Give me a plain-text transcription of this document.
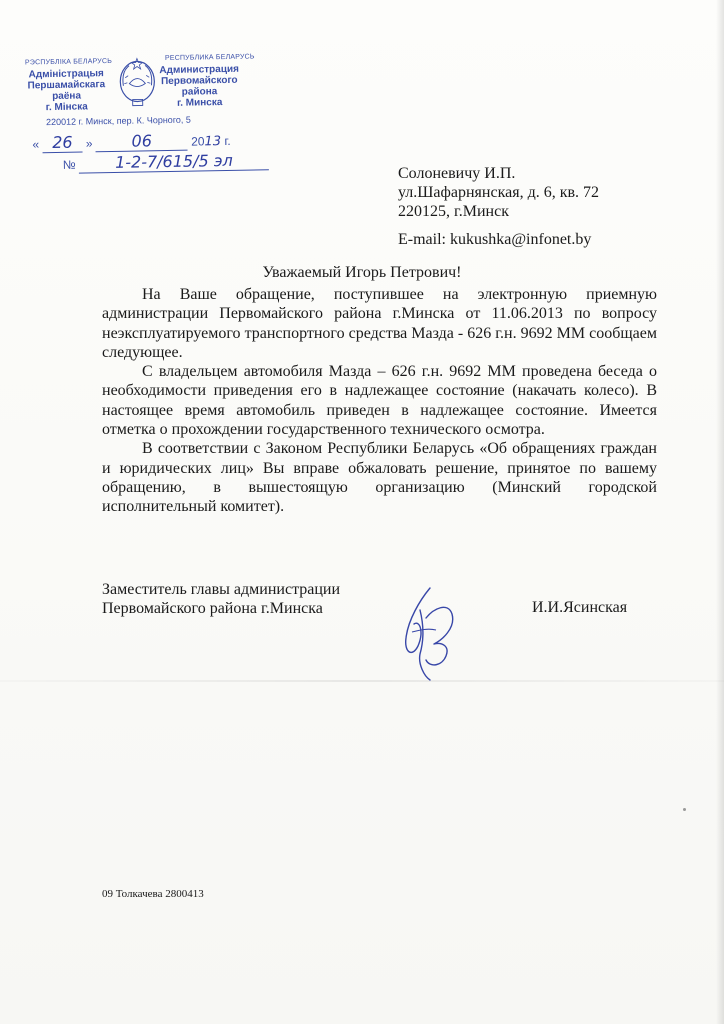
РЭСПУБЛІКА БЕЛАРУСЬ
Адміністрацыя
Першамайскага
раёна
г. Мінска
РЕСПУБЛИКА БЕЛАРУСЬ
Администрация
Первомайского
района
г. Минска
220012 г. Минск, пер. К. Чорного, 5
« 26 » 06	2013 г.
№ 1-2-7/615/5 эл
Солоневичу И.П.
ул.Шафарнянская, д. 6, кв. 72
220125, г.Минск
E-mail: kukushka@infonet.by
Уважаемый Игорь Петрович!

На Ваше обращение, поступившее на электронную приемную администрации Первомайского района г.Минска от 11.06.2013 по вопросу неэксплуатируемого транспортного средства Мазда - 626 г.н. 9692 ММ сообщаем следующее.

С владельцем автомобиля Мазда – 626 г.н. 9692 ММ проведена беседа о необходимости приведения его в надлежащее состояние (накачать колесо). В настоящее время автомобиль приведен в надлежащее состояние. Имеется отметка о прохождении государственного технического осмотра.

В соответствии с Законом Республики Беларусь «Об обращениях граждан и юридических лиц» Вы вправе обжаловать решение, принятое по вашему обращению, в вышестоящую организацию (Минский городской исполнительный комитет).

Заместитель главы администрации
Первомайского района г.Минска	И.И.Ясинская
09 Толкачева 2800413
